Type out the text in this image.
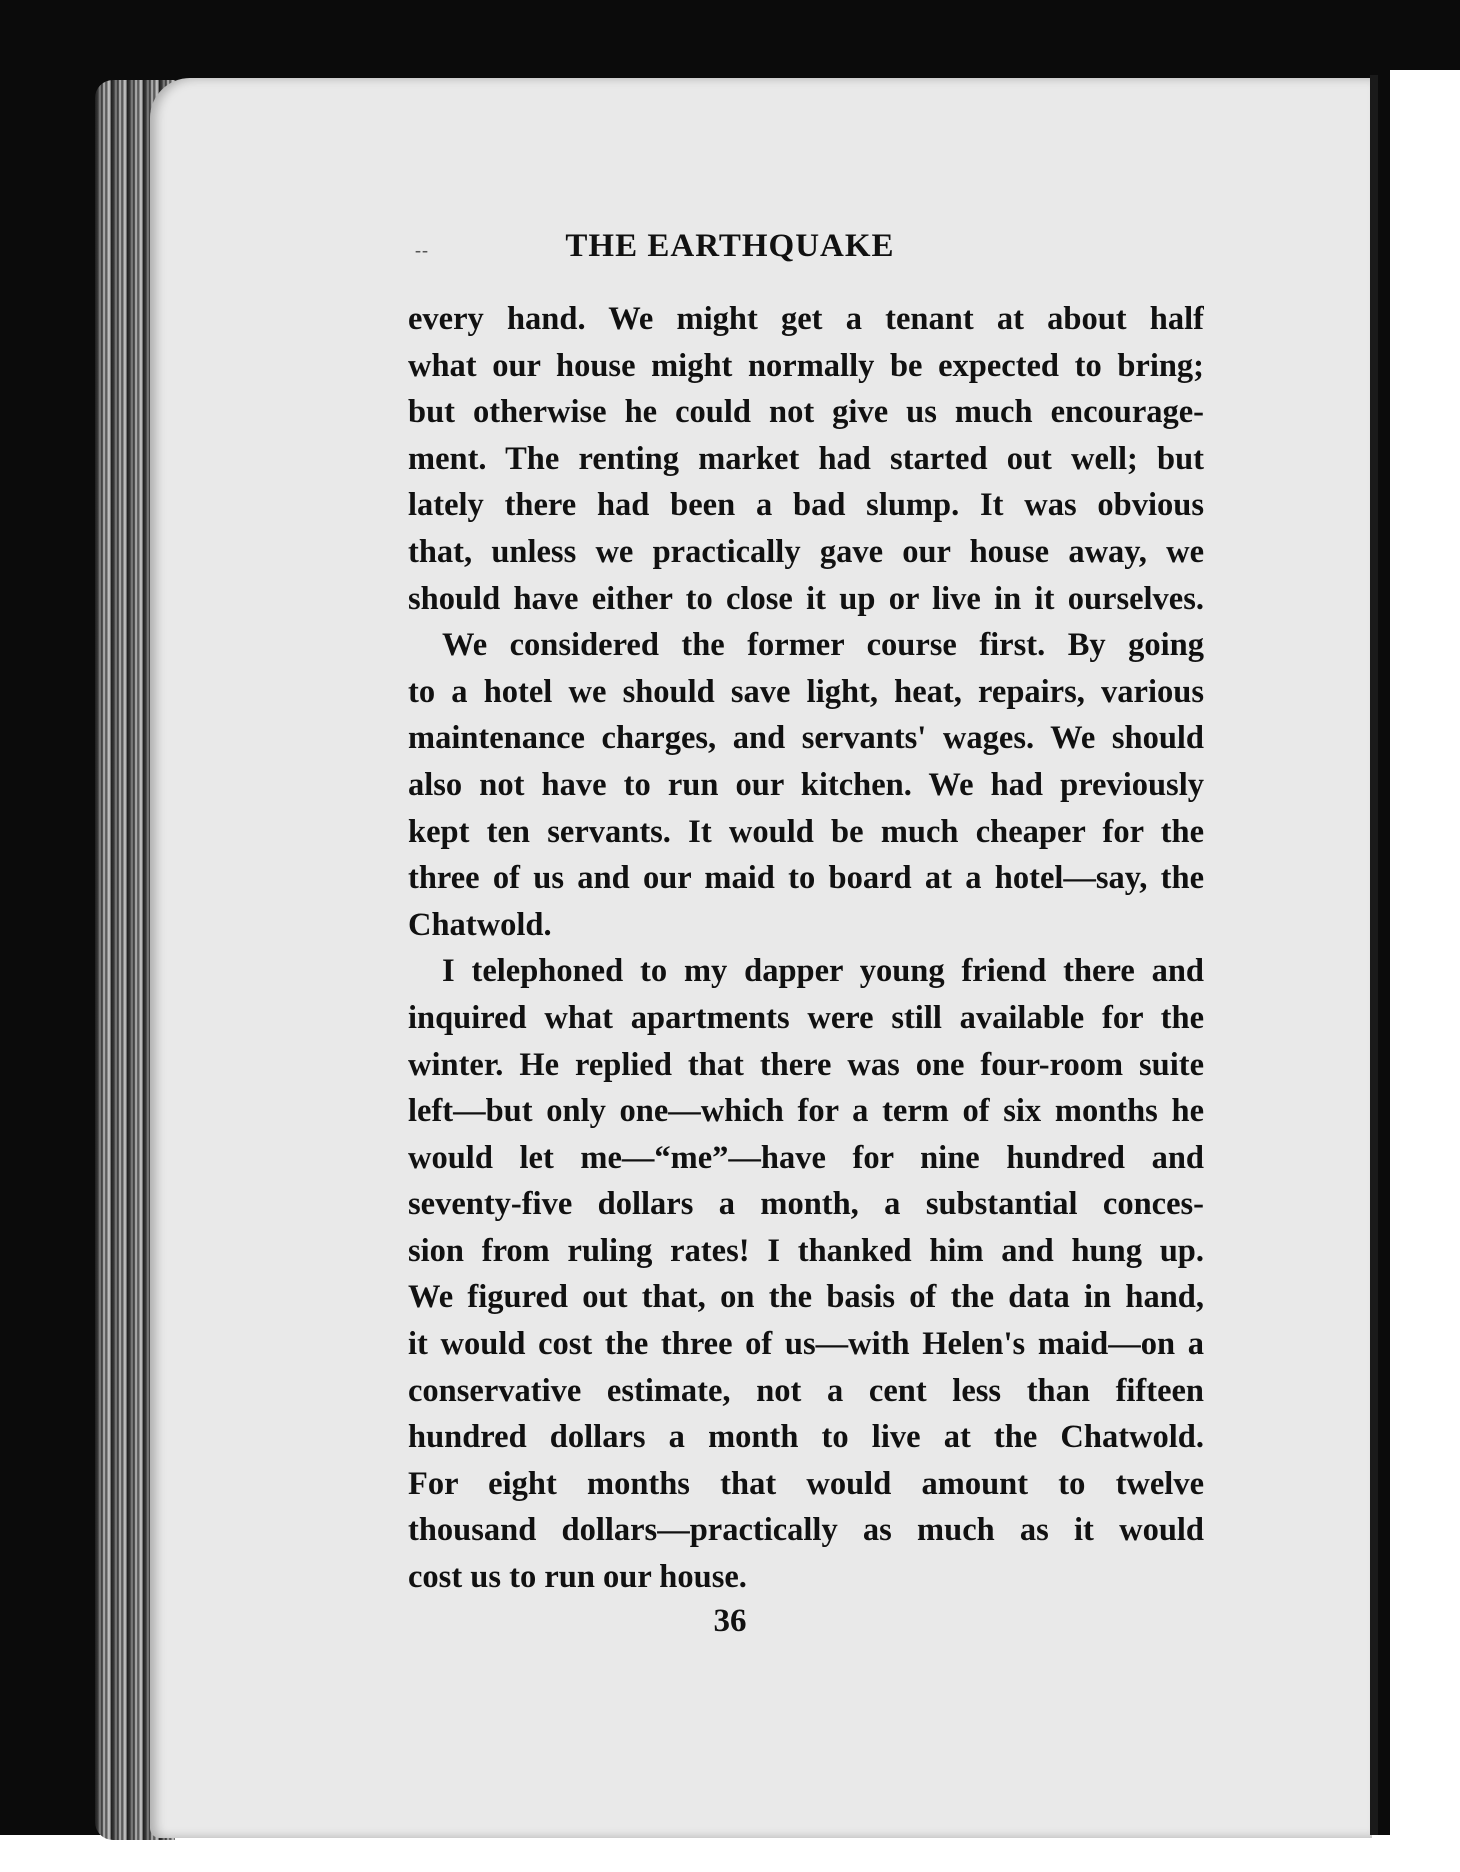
--	THE EARTHQUAKE
every hand. We might get a tenant at about half
what our house might normally be expected to bring;
but otherwise he could not give us much encourage-
ment. The renting market had started out well; but
lately there had been a bad slump. It was obvious
that, unless we practically gave our house away, we
should have either to close it up or live in it ourselves.
We considered the former course first. By going
to a hotel we should save light, heat, repairs, various
maintenance charges, and servants' wages. We should
also not have to run our kitchen. We had previously
kept ten servants. It would be much cheaper for the
three of us and our maid to board at a hotel—say, the
Chatwold.
I telephoned to my dapper young friend there and
inquired what apartments were still available for the
winter. He replied that there was one four-room suite
left—but only one—which for a term of six months he
would let me—“me”—have for nine hundred and
seventy-five dollars a month, a substantial conces-
sion from ruling rates! I thanked him and hung up.
We figured out that, on the basis of the data in hand,
it would cost the three of us—with Helen's maid—on a
conservative estimate, not a cent less than fifteen
hundred dollars a month to live at the Chatwold.
For eight months that would amount to twelve
thousand dollars—practically as much as it would
cost us to run our house.
36
